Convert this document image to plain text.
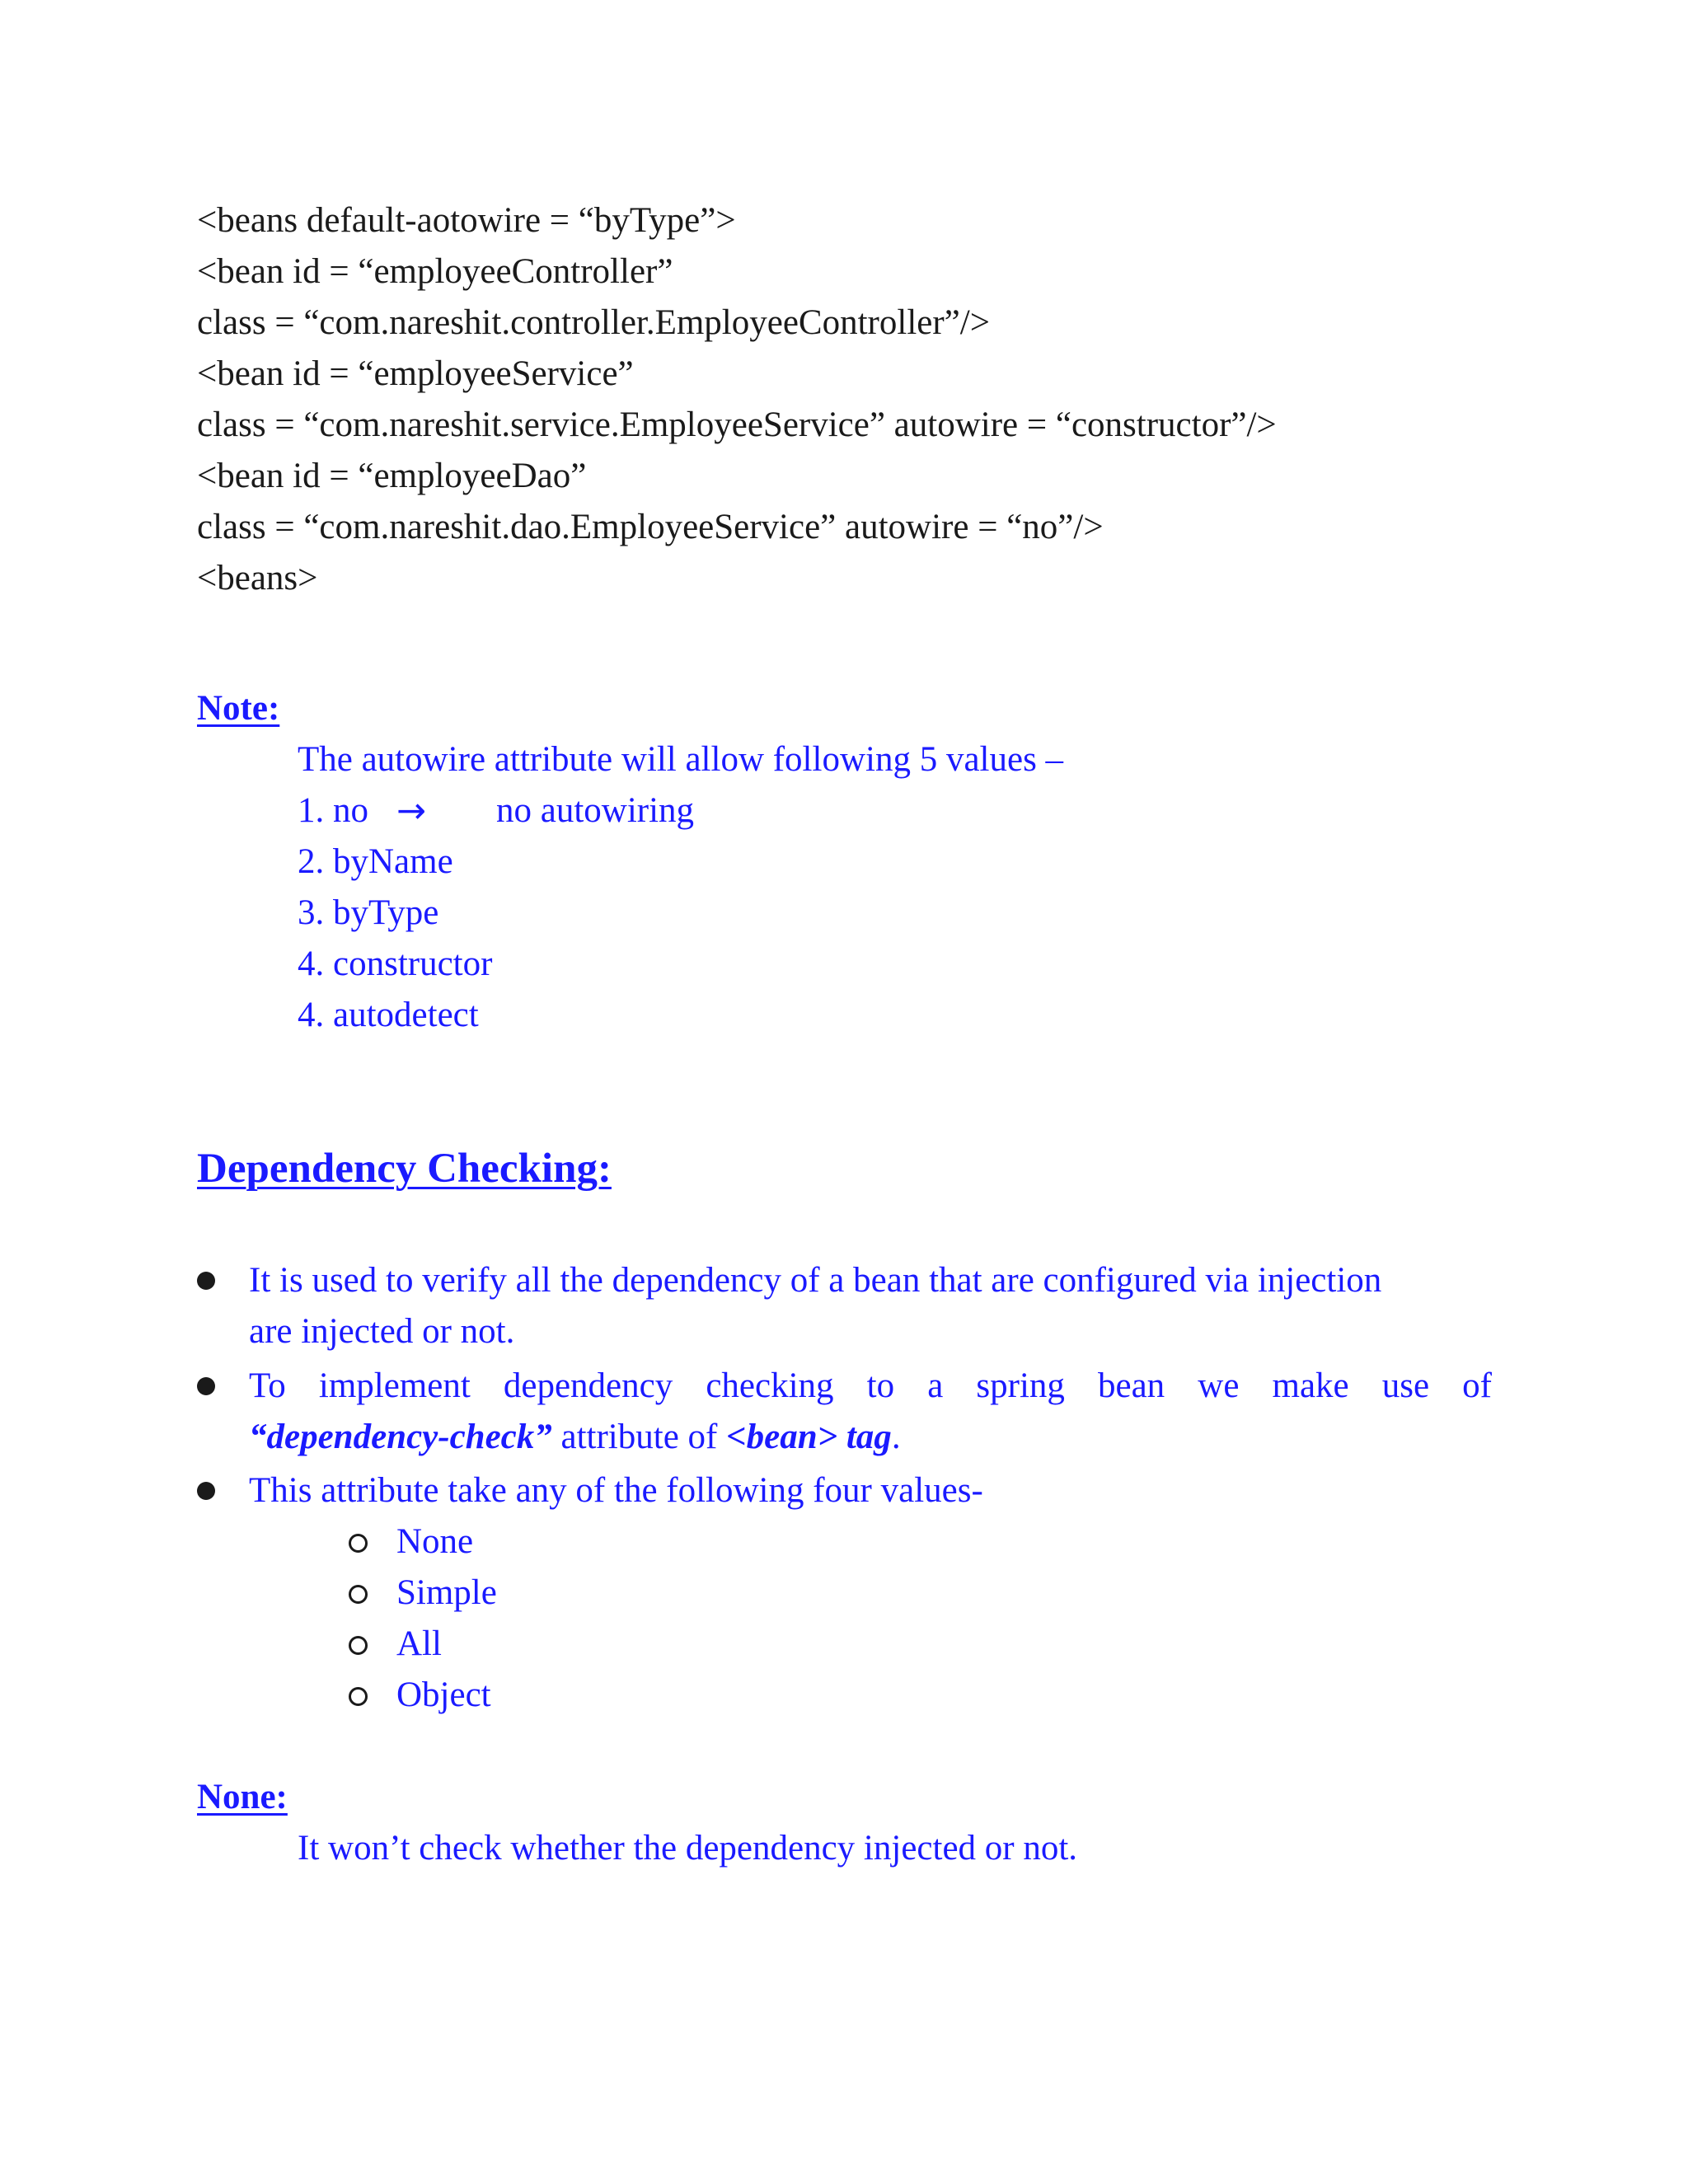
<beans default-aotowire = “byType”>
<bean id = “employeeController”
class = “com.nareshit.controller.EmployeeController”/>
<bean id = “employeeService”
class = “com.nareshit.service.EmployeeService” autowire = “constructor”/>
<bean id = “employeeDao”
class = “com.nareshit.dao.EmployeeService” autowire = “no”/>
<beans>
Note:
The autowire attribute will allow following 5 values –
1. no → no autowiring
2. byName
3. byType
4. constructor
4. autodetect
Dependency Checking:
It is used to verify all the dependency of a bean that are configured via injection
are injected or not.
To implement dependency checking to a spring bean we make use of
“dependency-check” attribute of <bean> tag.
This attribute take any of the following four values-
None
Simple
All
Object
None:
It won’t check whether the dependency injected or not.
